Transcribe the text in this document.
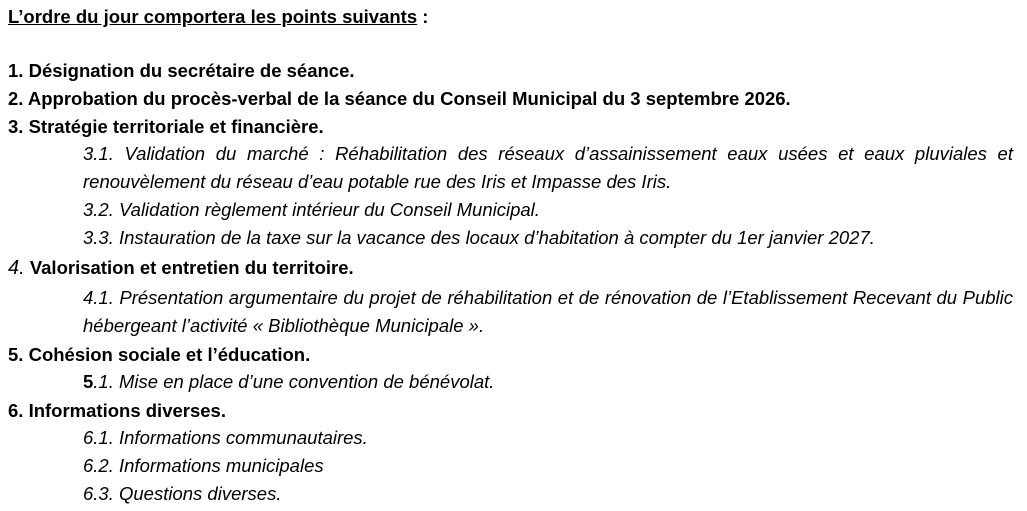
L’ordre du jour comportera les points suivants :
1. Désignation du secrétaire de séance.
2. Approbation du procès-verbal de la séance du Conseil Municipal du 3 septembre 2026.
3. Stratégie territoriale et financière.
3.1. Validation du marché : Réhabilitation des réseaux d’assainissement eaux usées et eaux pluviales et renouvèlement du réseau d’eau potable rue des Iris et Impasse des Iris.
3.2. Validation règlement intérieur du Conseil Municipal.
3.3. Instauration de la taxe sur la vacance des locaux d’habitation à compter du 1er janvier 2027.
4. Valorisation et entretien du territoire.
4.1. Présentation argumentaire du projet de réhabilitation et de rénovation de l’Etablissement Recevant du Public hébergeant l’activité « Bibliothèque Municipale ».
5. Cohésion sociale et l’éducation.
5.1. Mise en place d’une convention de bénévolat.
6. Informations diverses.
6.1. Informations communautaires.
6.2. Informations municipales
6.3. Questions diverses.
